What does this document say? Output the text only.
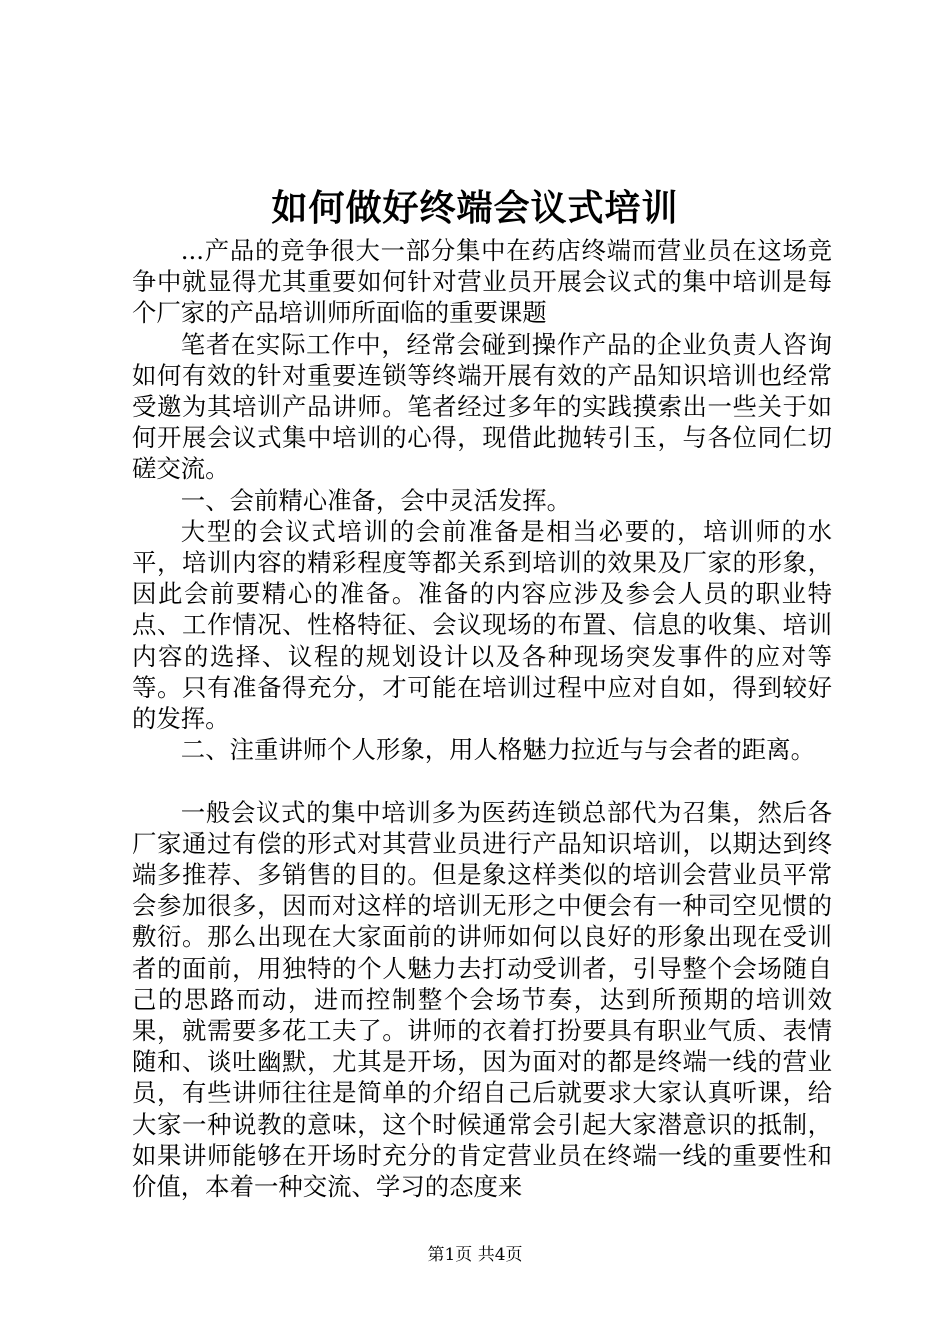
如何做好终端会议式培训

...产品的竞争很大一部分集中在药店终端而营业员在这场竞争中就显得尤其重要如何针对营业员开展会议式的集中培训是每个厂家的产品培训师所面临的重要课题

笔者在实际工作中，经常会碰到操作产品的企业负责人咨询如何有效的针对重要连锁等终端开展有效的产品知识培训也经常受邀为其培训产品讲师。笔者经过多年的实践摸索出一些关于如何开展会议式集中培训的心得，现借此抛转引玉，与各位同仁切磋交流。

一、会前精心准备，会中灵活发挥。

大型的会议式培训的会前准备是相当必要的，培训师的水平，培训内容的精彩程度等都关系到培训的效果及厂家的形象，因此会前要精心的准备。准备的内容应涉及参会人员的职业特点、工作情况、性格特征、会议现场的布置、信息的收集、培训内容的选择、议程的规划设计以及各种现场突发事件的应对等等。只有准备得充分，才可能在培训过程中应对自如，得到较好的发挥。

二、注重讲师个人形象，用人格魅力拉近与与会者的距离。

一般会议式的集中培训多为医药连锁总部代为召集，然后各厂家通过有偿的形式对其营业员进行产品知识培训，以期达到终端多推荐、多销售的目的。但是象这样类似的培训会营业员平常会参加很多，因而对这样的培训无形之中便会有一种司空见惯的敷衍。那么出现在大家面前的讲师如何以良好的形象出现在受训者的面前，用独特的个人魅力去打动受训者，引导整个会场随自己的思路而动，进而控制整个会场节奏，达到所预期的培训效果，就需要多花工夫了。讲师的衣着打扮要具有职业气质、表情随和、谈吐幽默，尤其是开场，因为面对的都是终端一线的营业员，有些讲师往往是简单的介绍自己后就要求大家认真听课，给大家一种说教的意味，这个时候通常会引起大家潜意识的抵制，如果讲师能够在开场时充分的肯定营业员在终端一线的重要性和价值，本着一种交流、学习的态度来

第1页 共4页
